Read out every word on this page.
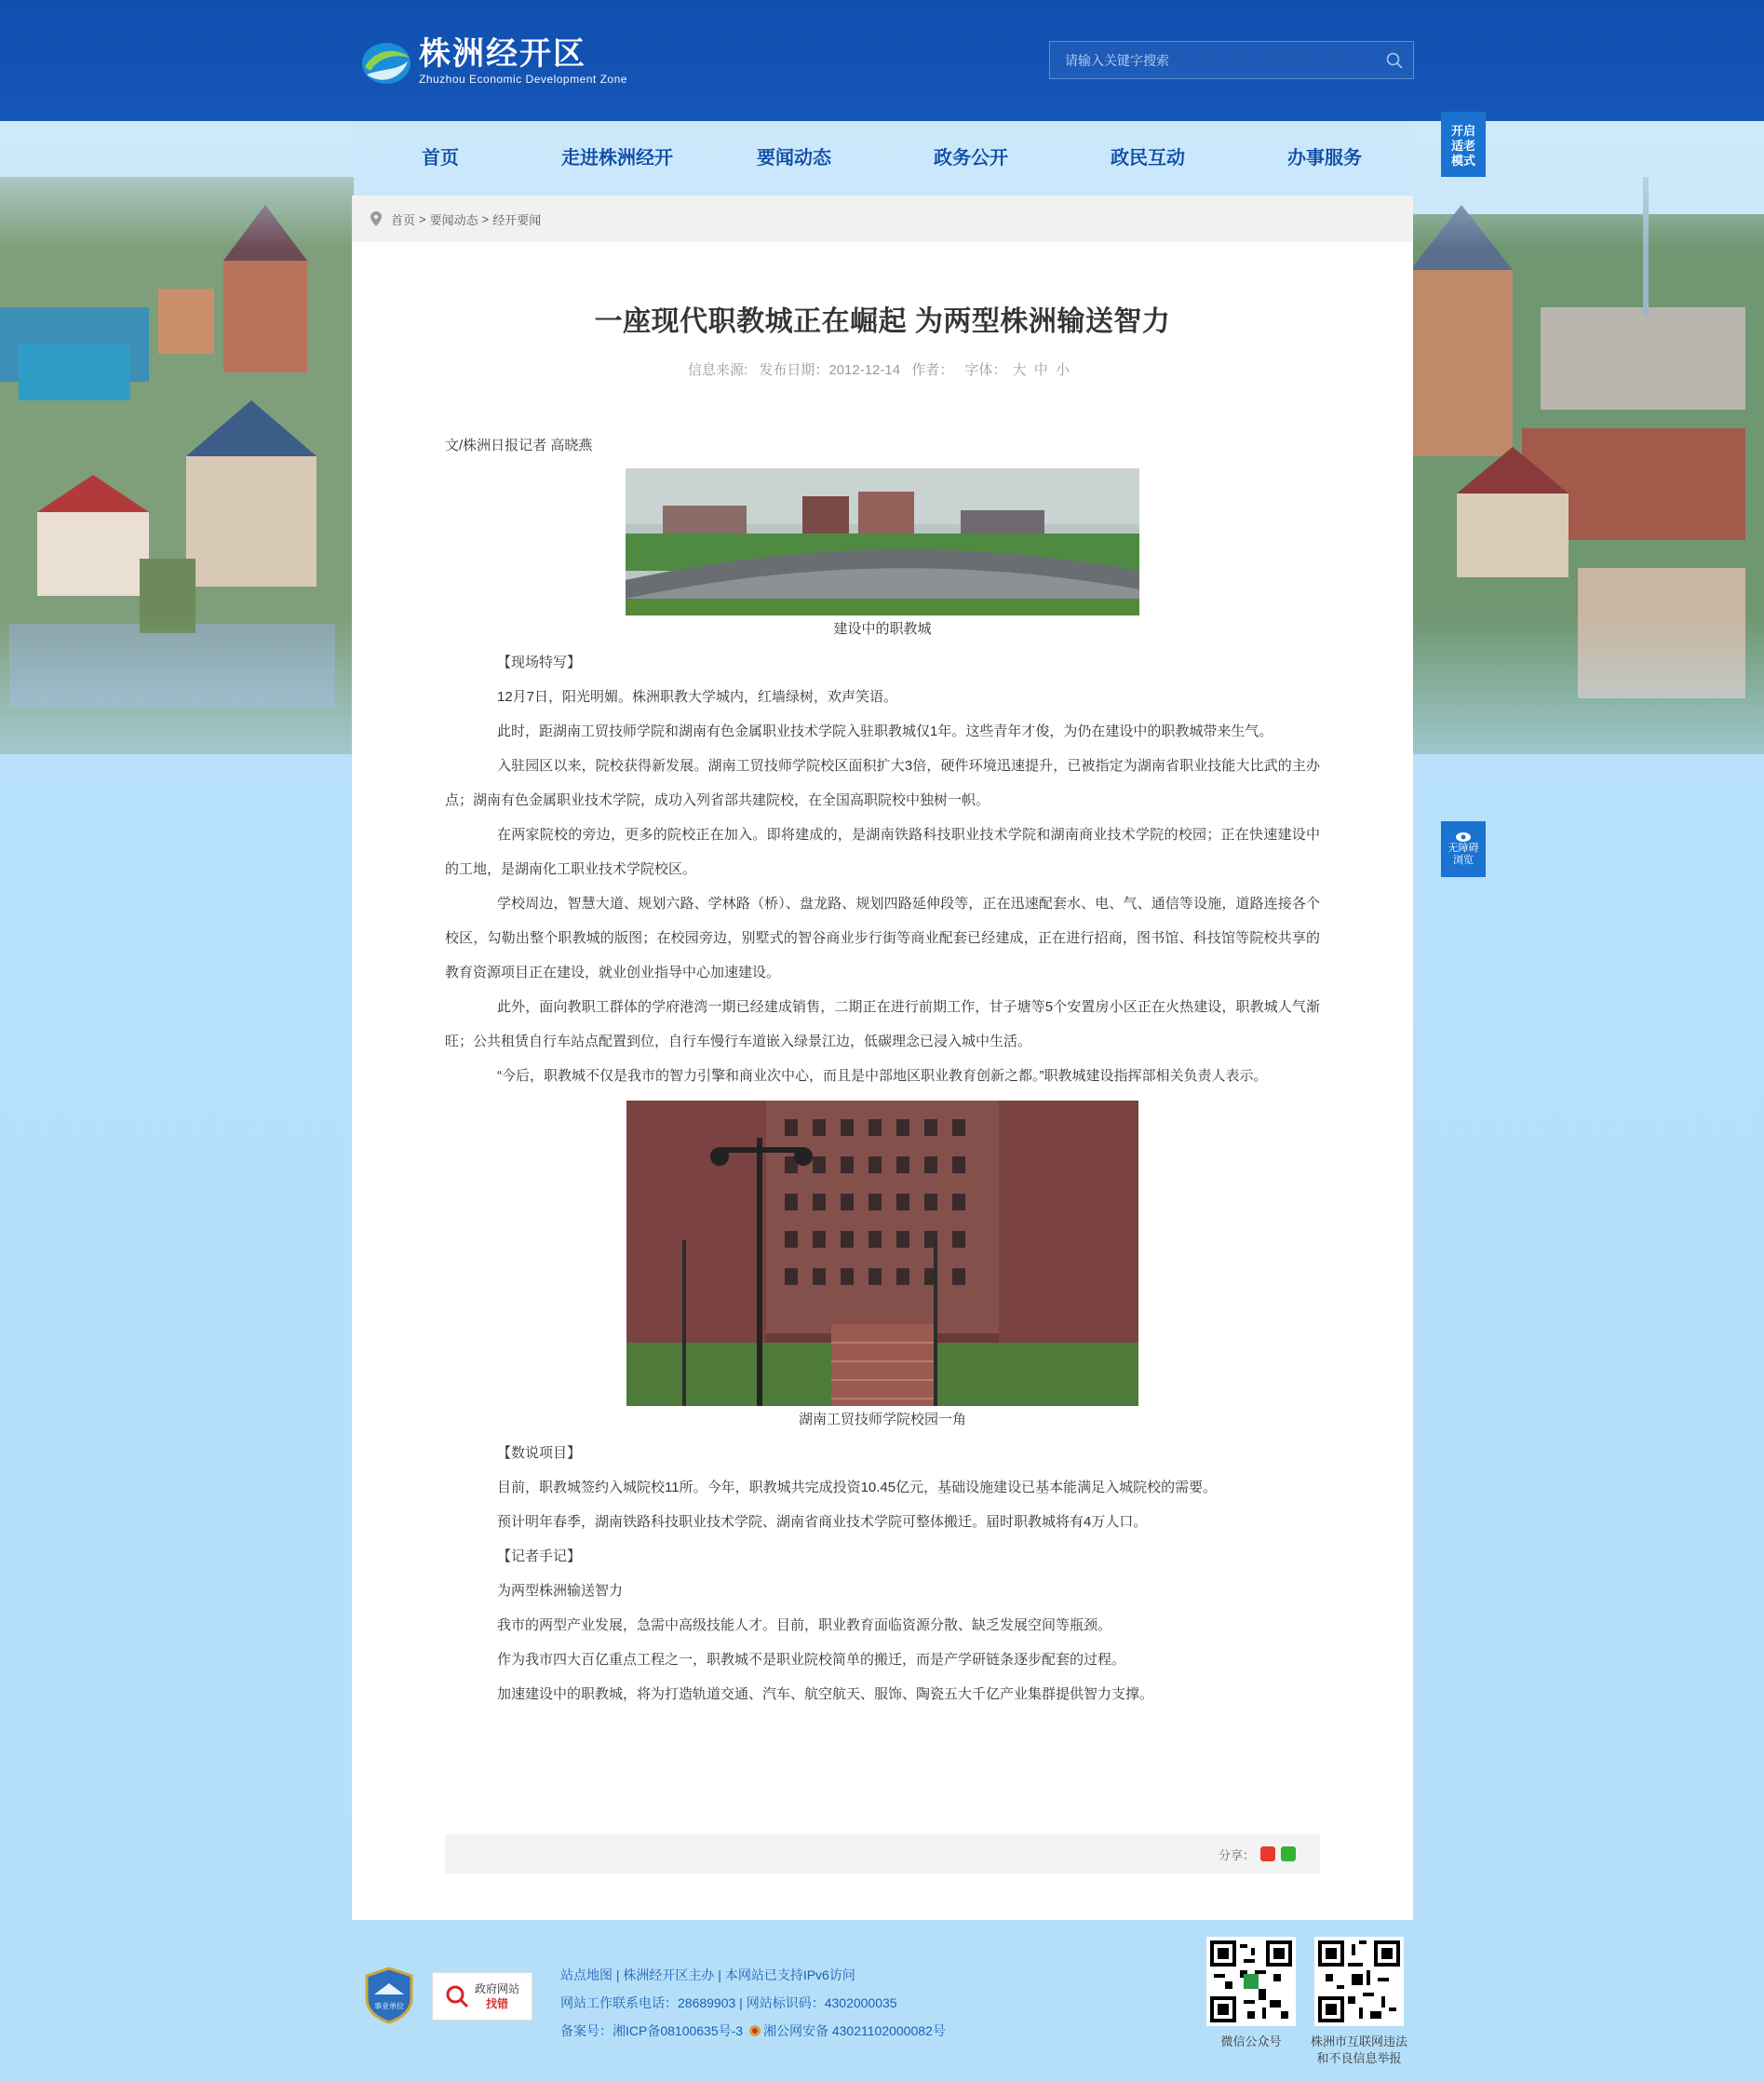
株洲经开区
Zhuzhou Economic Development Zone
请输入关键字搜索
首页	走进株洲经开	要闻动态	政务公开	政民互动	办事服务
开启
适老
模式
无障碍
浏览
首页 > 要闻动态 > 经开要闻
一座现代职教城正在崛起 为两型株洲输送智力
信息来源: 发布日期：2012-12-14 作者： 字体： 大 中 小
文/株洲日报记者 高晓燕
建设中的职教城
【现场特写】
12月7日，阳光明媚。株洲职教大学城内，红墙绿树，欢声笑语。
此时，距湖南工贸技师学院和湖南有色金属职业技术学院入驻职教城仅1年。这些青年才俊，为仍在建设中的职教城带来生气。
入驻园区以来，院校获得新发展。湖南工贸技师学院校区面积扩大3倍，硬件环境迅速提升，已被指定为湖南省职业技能大比武的主办点；湖南有色金属职业技术学院，成功入列省部共建院校，在全国高职院校中独树一帜。
在两家院校的旁边，更多的院校正在加入。即将建成的，是湖南铁路科技职业技术学院和湖南商业技术学院的校园；正在快速建设中的工地，是湖南化工职业技术学院校区。
学校周边，智慧大道、规划六路、学林路（桥）、盘龙路、规划四路延伸段等，正在迅速配套水、电、气、通信等设施，道路连接各个校区，勾勒出整个职教城的版图；在校园旁边，别墅式的智谷商业步行街等商业配套已经建成，正在进行招商，图书馆、科技馆等院校共享的教育资源项目正在建设，就业创业指导中心加速建设。
此外，面向教职工群体的学府港湾一期已经建成销售，二期正在进行前期工作，甘子塘等5个安置房小区正在火热建设，职教城人气渐旺；公共租赁自行车站点配置到位，自行车慢行车道嵌入绿景江边，低碳理念已浸入城中生活。
“今后，职教城不仅是我市的智力引擎和商业次中心，而且是中部地区职业教育创新之都。”职教城建设指挥部相关负责人表示。
湖南工贸技师学院校园一角
【数说项目】
目前，职教城签约入城院校11所。今年，职教城共完成投资10.45亿元，基础设施建设已基本能满足入城院校的需要。
预计明年春季，湖南铁路科技职业技术学院、湖南省商业技术学院可整体搬迁。届时职教城将有4万人口。
【记者手记】
为两型株洲输送智力
我市的两型产业发展，急需中高级技能人才。目前，职业教育面临资源分散、缺乏发展空间等瓶颈。
作为我市四大百亿重点工程之一，职教城不是职业院校简单的搬迁，而是产学研链条逐步配套的过程。
加速建设中的职教城，将为打造轨道交通、汽车、航空航天、服饰、陶瓷五大千亿产业集群提供智力支撑。
分享：
事业单位
政府网站
找错
站点地图 | 株洲经开区主办 | 本网站已支持IPv6访问
网站工作联系电话：28689903 | 网站标识码：4302000035
备案号：湘ICP备08100635号-3 湘公网安备 43021102000082号
微信公众号	株洲市互联网违法
和不良信息举报
